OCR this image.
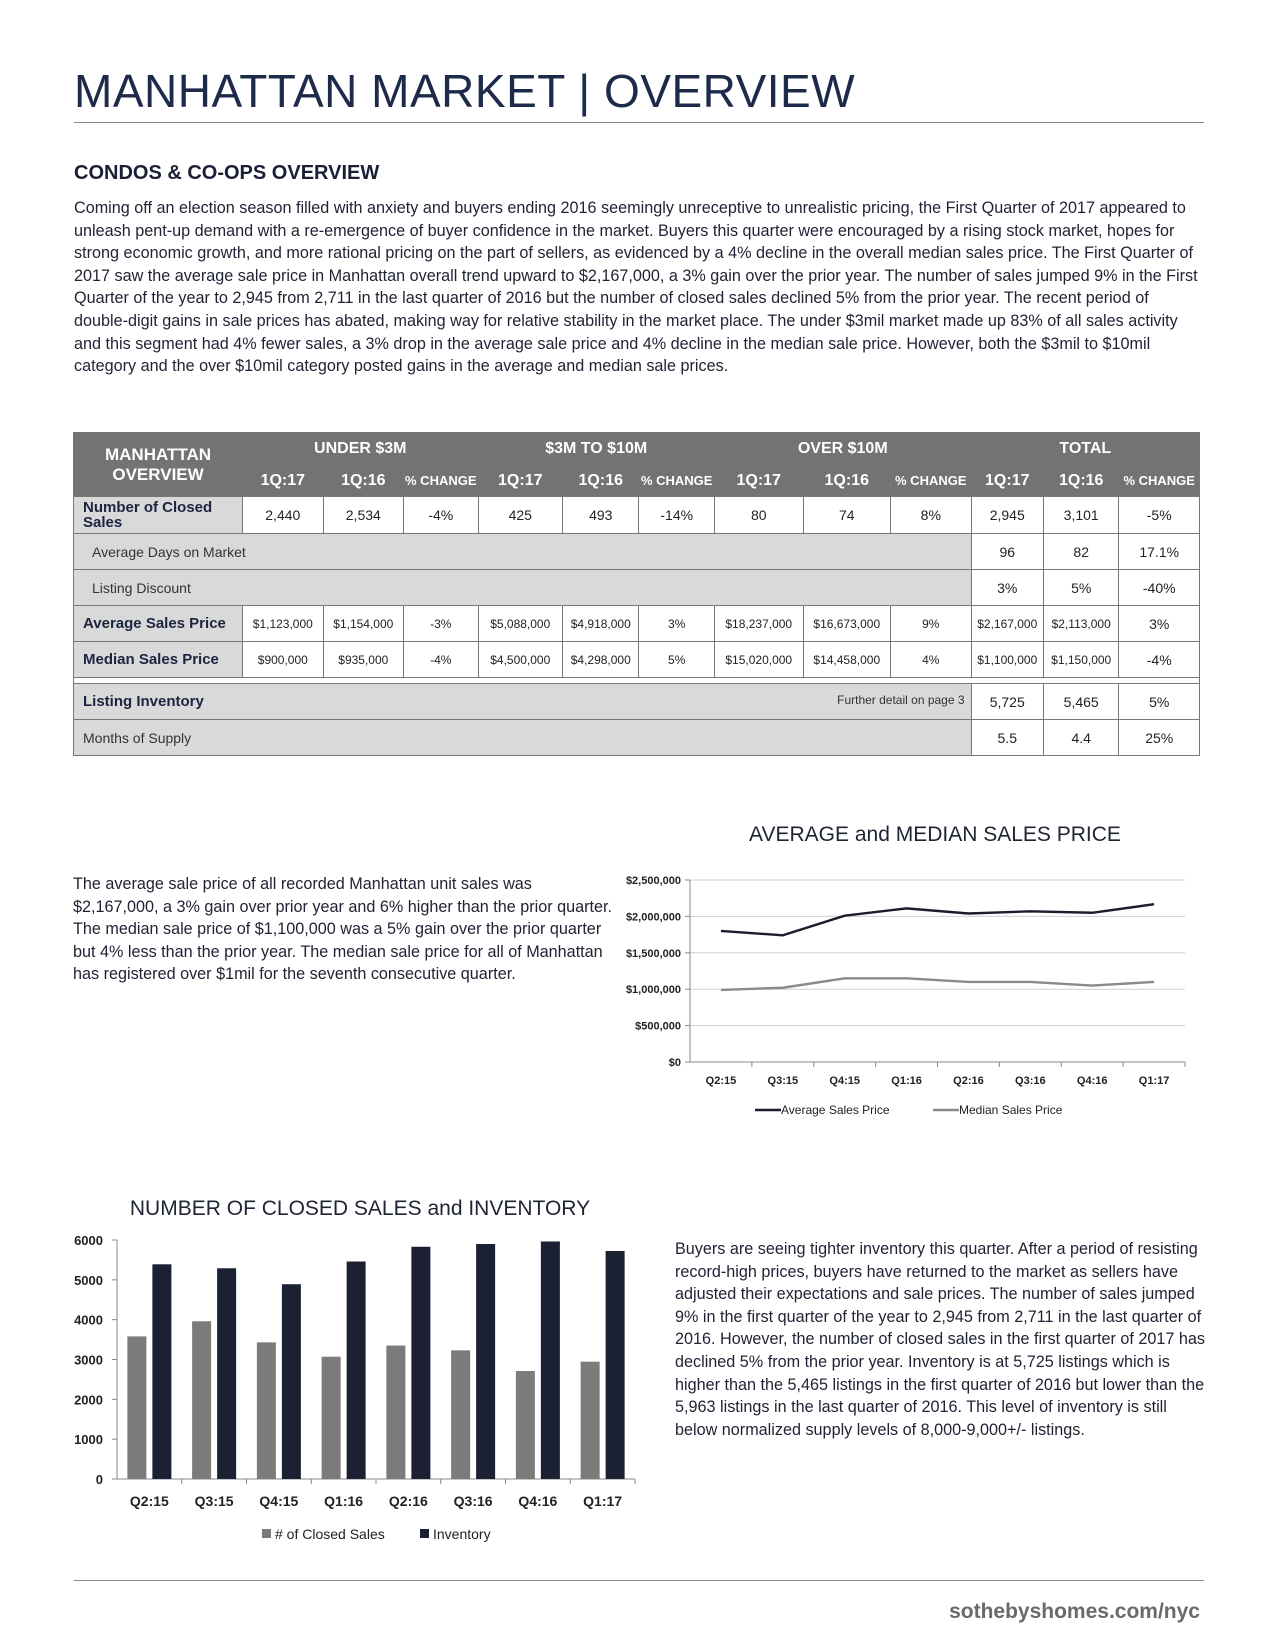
MANHATTAN MARKET | OVERVIEW
CONDOS & CO-OPS OVERVIEW

Coming off an election season filled with anxiety and buyers ending 2016 seemingly unreceptive to unrealistic pricing, the First Quarter of 2017 appeared to unleash pent-up demand with a re-emergence of buyer confidence in the market. Buyers this quarter were encouraged by a rising stock market, hopes for strong economic growth, and more rational pricing on the part of sellers, as evidenced by a 4% decline in the overall median sales price. The First Quarter of 2017 saw the average sale price in Manhattan overall trend upward to $2,167,000, a 3% gain over the prior year. The number of sales jumped 9% in the First Quarter of the year to 2,945 from 2,711 in the last quarter of 2016 but the number of closed sales declined 5% from the prior year. The recent period of double-digit gains in sale prices has abated, making way for relative stability in the market place. The under $3mil market made up 83% of all sales activity and this segment had 4% fewer sales, a 3% drop in the average sale price and 4% decline in the median sale price. However, both the $3mil to $10mil category and the over $10mil category posted gains in the average and median sale prices.

MANHATTAN OVERVIEW	UNDER $3M			$3M TO $10M			OVER $10M			TOTAL		
	1Q:17	1Q:16	% CHANGE	1Q:17	1Q:16	% CHANGE	1Q:17	1Q:16	% CHANGE	1Q:17	1Q:16	% CHANGE
Number of Closed Sales	2,440	2,534	-4%	425	493	-14%	80	74	8%	2,945	3,101	-5%
Average Days on Market										96	82	17.1%
Listing Discount										3%	5%	-40%
Average Sales Price	$1,123,000	$1,154,000	-3%	$5,088,000	$4,918,000	3%	$18,237,000	$16,673,000	9%	$2,167,000	$2,113,000	3%
Median Sales Price	$900,000	$935,000	-4%	$4,500,000	$4,298,000	5%	$15,020,000	$14,458,000	4%	$1,100,000	$1,150,000	-4%

Listing Inventory Further detail on page 3										5,725	5,465	5%
Months of Supply										5.5	4.4	25%

The average sale price of all recorded Manhattan unit sales was $2,167,000, a 3% gain over prior year and 6% higher than the prior quarter. The median sale price of $1,100,000 was a 5% gain over the prior quarter but 4% less than the prior year. The median sale price for all of Manhattan has registered over $1mil for the seventh consecutive quarter.

AVERAGE and MEDIAN SALES PRICE
$0
$500,000
$1,000,000
$1,500,000
$2,000,000
$2,500,000
Q2:15	Q3:15	Q4:15	Q1:16	Q2:16	Q3:16	Q4:16	Q1:17
Average Sales Price	Median Sales Price
NUMBER OF CLOSED SALES and INVENTORY
0
1000
2000
3000
4000
5000
6000
Q2:15 Q3:15 Q4:15 Q1:16 Q2:16 Q3:16 Q4:16 Q1:17
# of Closed Sales	Inventory

Buyers are seeing tighter inventory this quarter. After a period of resisting record-high prices, buyers have returned to the market as sellers have adjusted their expectations and sale prices. The number of sales jumped 9% in the first quarter of the year to 2,945 from 2,711 in the last quarter of 2016. However, the number of closed sales in the first quarter of 2017 has declined 5% from the prior year. Inventory is at 5,725 listings which is higher than the 5,465 listings in the first quarter of 2016 but lower than the 5,963 listings in the last quarter of 2016. This level of inventory is still below normalized supply levels of 8,000-9,000+/- listings.

sothebyshomes.com/nyc
